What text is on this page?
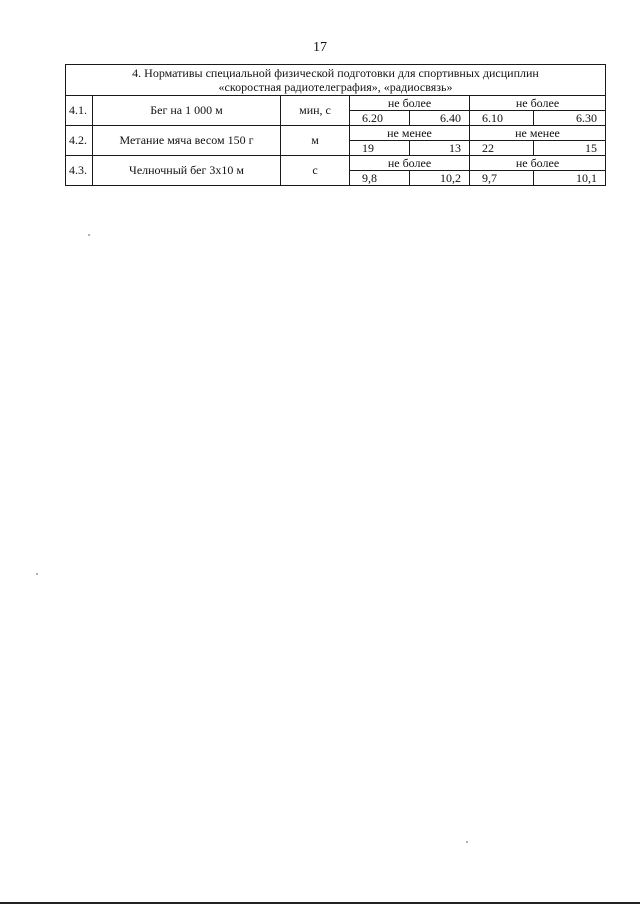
17
4. Нормативы специальной физической подготовки для спортивных дисциплин
«скоростная радиотелеграфия», «радиосвязь»						

4.1.	Бег на 1 000 м	мин, с	не более		не более	
			6.20	6.40	6.10	6.30
4.2.	Метание мяча весом 150 г	м	не менее		не менее	
			19	13	22	15
4.3.	Челночный бег 3х10 м	с	не более		не более	
			9,8	10,2	9,7	10,1
